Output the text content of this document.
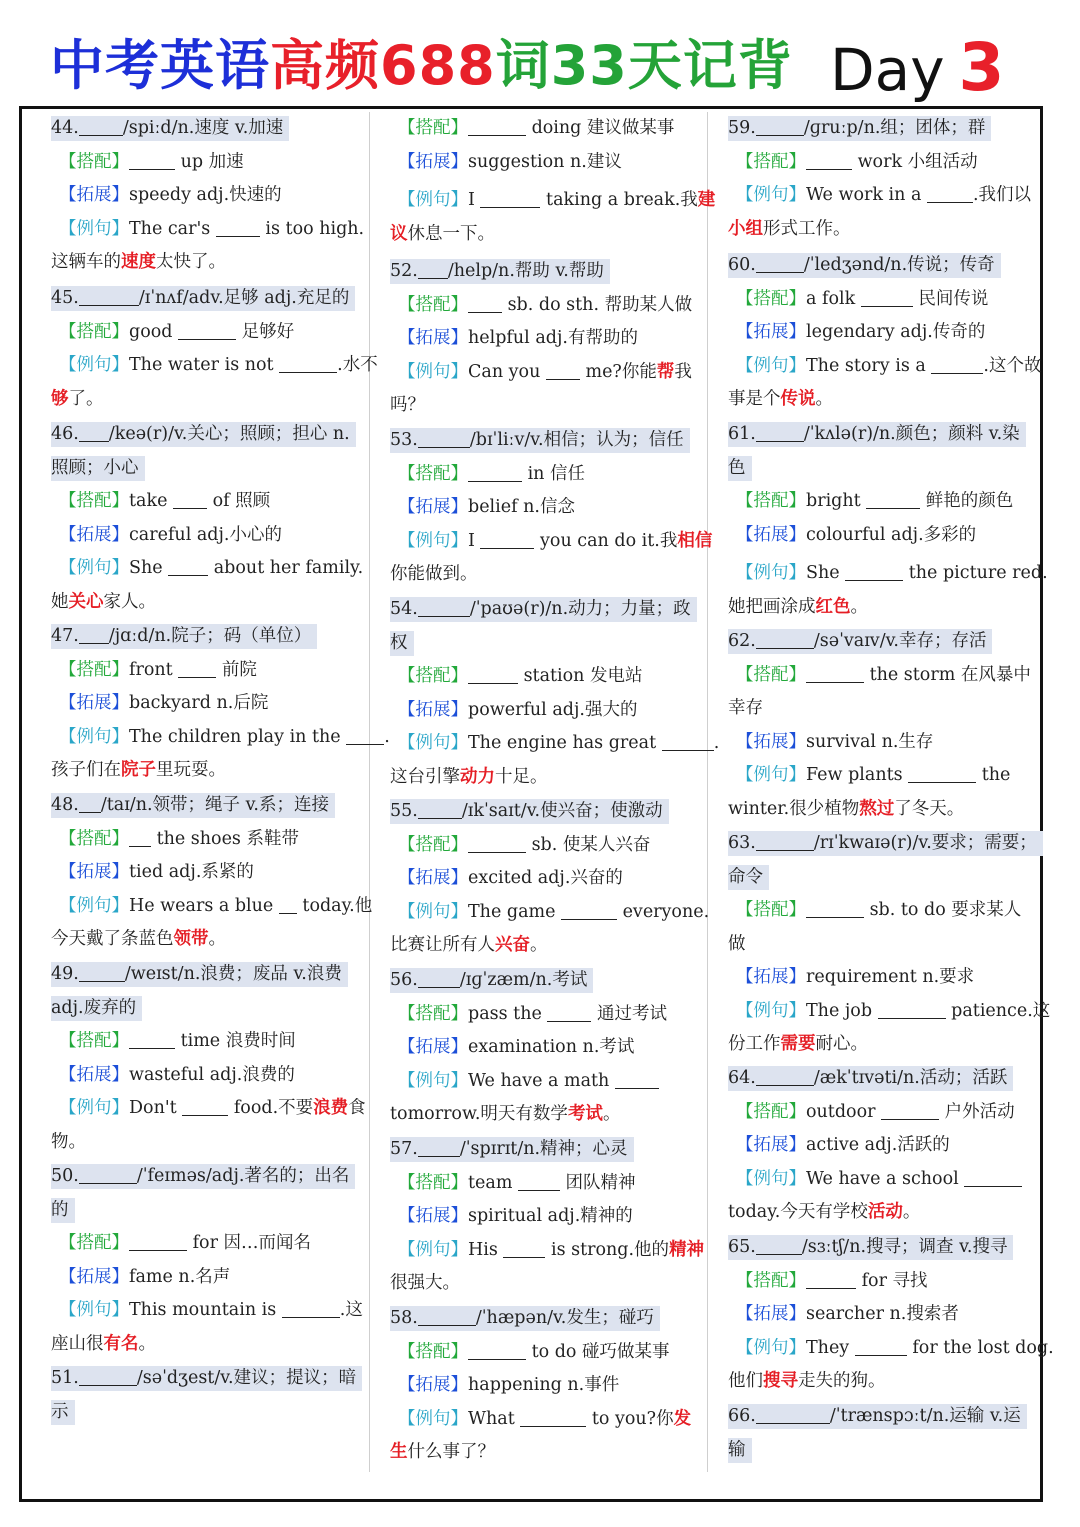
中考英语高频688词33天记背 Day 3
44.	/spiːd/n.速度 v.加速
【搭配】	up 加速
【拓展】speedy adj.快速的
【例句】The car's	is too high.
这辆车的速度太快了。
45.	/ɪˈnʌf/adv.足够 adj.充足的
【搭配】good	足够好
【例句】The water is not	.水不
够了。
46. /keə(r)/v.关心；照顾；担心 n.
照顾；小心
【搭配】take  of 照顾
【拓展】careful adj.小心的
【例句】She  about her family.
她关心家人。
47. /jɑːd/n.院子；码（单位）
【搭配】front  前院
【拓展】backyard n.后院
【例句】The children play in the .
孩子们在院子里玩耍。
48. /taɪ/n.领带；绳子 v.系；连接
【搭配】 the shoes 系鞋带
【拓展】tied adj.系紧的
【例句】He wears a blue  today.他
今天戴了条蓝色领带。
49.	/weɪst/n.浪费；废品 v.浪费
adj.废弃的
【搭配】	time 浪费时间
【拓展】wasteful adj.浪费的
【例句】Don't	food.不要浪费食
物。
50.	/ˈfeɪməs/adj.著名的；出名
的
【搭配】	for 因…而闻名
【拓展】fame n.名声
【例句】This mountain is	.这
座山很有名。
51.	/səˈdʒest/v.建议；提议；暗
示
【搭配】	doing 建议做某事
【拓展】suggestion n.建议
【例句】I	taking a break.我建
议休息一下。
52. /help/n.帮助 v.帮助
【搭配】 sb. do sth. 帮助某人做
【拓展】helpful adj.有帮助的
【例句】Can you  me?你能帮我
吗？
53.	/bɪˈliːv/v.相信；认为；信任
【搭配】	in 信任
【拓展】belief n.信念
【例句】I	you can do it.我相信
你能做到。
54.	/ˈpaʊə(r)/n.动力；力量；政
权
【搭配】	station 发电站
【拓展】powerful adj.强大的
【例句】The engine has great	.
这台引擎动力十足。
55.	/ɪkˈsaɪt/v.使兴奋；使激动
【搭配】	sb. 使某人兴奋
【拓展】excited adj.兴奋的
【例句】The game	everyone.
比赛让所有人兴奋。
56. /ɪɡˈzæm/n.考试
【搭配】pass the	通过考试
【拓展】examination n.考试
【例句】We have a math
tomorrow.明天有数学考试。
57. /ˈspɪrɪt/n.精神；心灵
【搭配】team  团队精神
【拓展】spiritual adj.精神的
【例句】His  is strong.他的精神
很强大。
58.	/ˈhæpən/v.发生；碰巧
【搭配】	to do 碰巧做某事
【拓展】happening n.事件
【例句】What	to you?你发
生什么事了？
59.	/ɡruːp/n.组；团体；群
【搭配】	work 小组活动
【例句】We work in a	.我们以
小组形式工作。
60.	/ˈledʒənd/n.传说；传奇
【搭配】a folk	民间传说
【拓展】legendary adj.传奇的
【例句】The story is a	.这个故
事是个传说。
61.	/ˈkʌlə(r)/n.颜色；颜料 v.染
色
【搭配】bright	鲜艳的颜色
【拓展】colourful adj.多彩的
【例句】She	the picture red.
她把画涂成红色。
62.	/səˈvaɪv/v.幸存；存活
【搭配】	the storm 在风暴中
幸存
【拓展】survival n.生存
【例句】Few plants	the
winter.很少植物熬过了冬天。
63.	/rɪˈkwaɪə(r)/v.要求；需要；
命令
【搭配】	sb. to do 要求某人
做
【拓展】requirement n.要求
【例句】The job	patience.这
份工作需要耐心。
64.	/ækˈtɪvəti/n.活动；活跃
【搭配】outdoor	户外活动
【拓展】active adj.活跃的
【例句】We have a school
today.今天有学校活动。
65.	/sɜːtʃ/n.搜寻；调查 v.搜寻
【搭配】	for 寻找
【拓展】searcher n.搜索者
【例句】They	for the lost dog.
他们搜寻走失的狗。
66.	/ˈtrænspɔːt/n.运输 v.运
输
